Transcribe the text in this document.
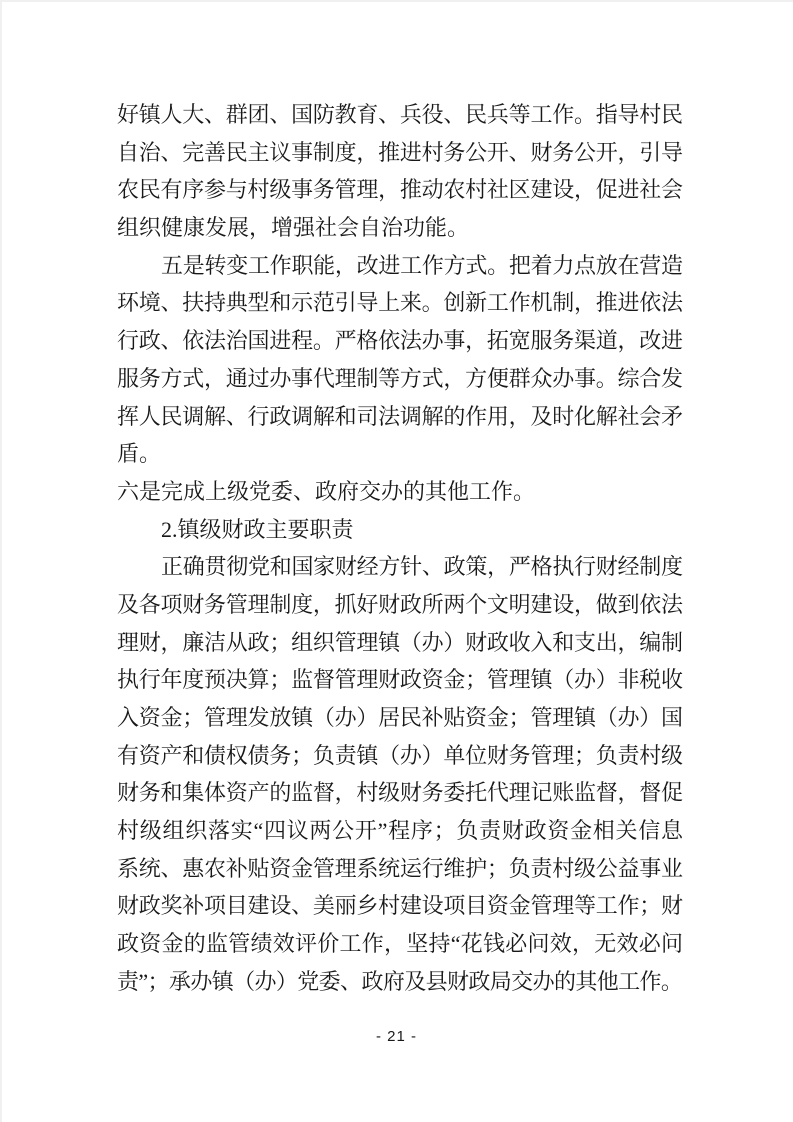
好镇人大、群团、国防教育、兵役、民兵等工作。指导村民
自治、完善民主议事制度，推进村务公开、财务公开，引导
农民有序参与村级事务管理，推动农村社区建设，促进社会
组织健康发展，增强社会自治功能。
五是转变工作职能，改进工作方式。把着力点放在营造
环境、扶持典型和示范引导上来。创新工作机制，推进依法
行政、依法治国进程。严格依法办事，拓宽服务渠道，改进
服务方式，通过办事代理制等方式，方便群众办事。综合发
挥人民调解、行政调解和司法调解的作用，及时化解社会矛
盾。
六是完成上级党委、政府交办的其他工作。
2.镇级财政主要职责
正确贯彻党和国家财经方针、政策，严格执行财经制度
及各项财务管理制度，抓好财政所两个文明建设，做到依法
理财，廉洁从政；组织管理镇（办）财政收入和支出，编制
执行年度预决算；监督管理财政资金；管理镇（办）非税收
入资金；管理发放镇（办）居民补贴资金；管理镇（办）国
有资产和债权债务；负责镇（办）单位财务管理；负责村级
财务和集体资产的监督，村级财务委托代理记账监督，督促
村级组织落实“四议两公开”程序；负责财政资金相关信息
系统、惠农补贴资金管理系统运行维护；负责村级公益事业
财政奖补项目建设、美丽乡村建设项目资金管理等工作；财
政资金的监管绩效评价工作，坚持“花钱必问效，无效必问
责”；承办镇（办）党委、政府及县财政局交办的其他工作。
- 21 -
